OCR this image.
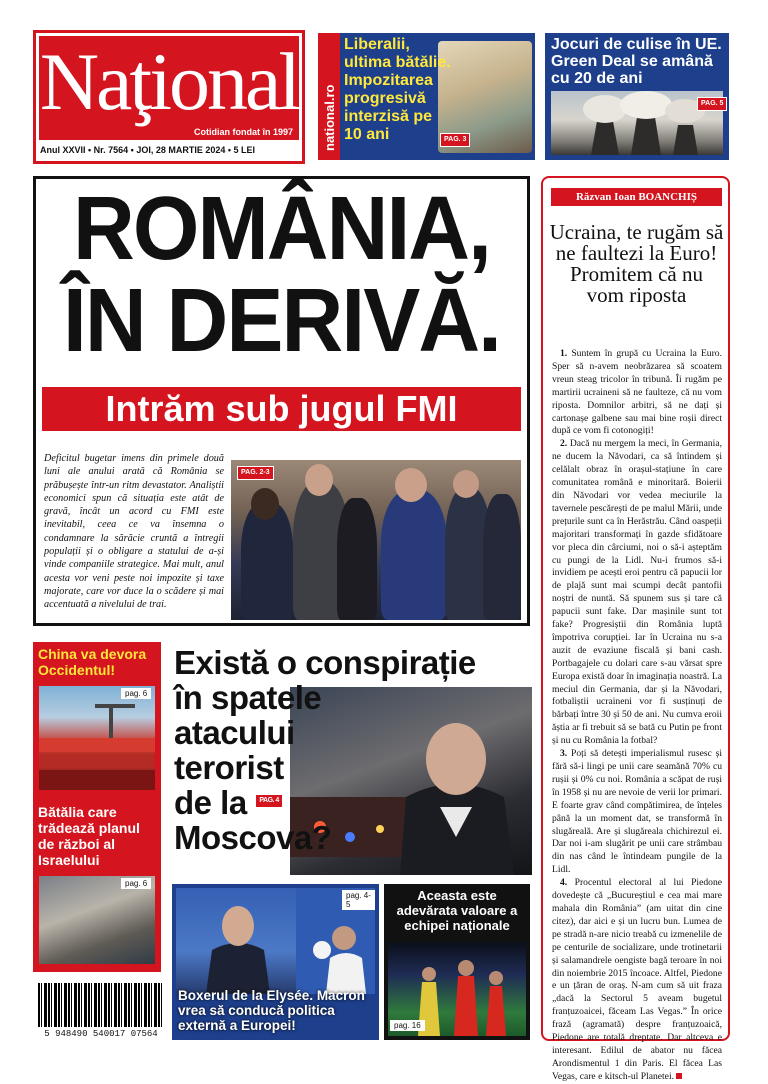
Naţional
Cotidian fondat în 1997
Anul XXVII • Nr. 7564 • JOI, 28 MARTIE 2024 • 5 LEI	national.ro
Liberalii, ultima bătălie. Impozitarea progresivă interzisă pe 10 ani	PAG. 3
Jocuri de culise în UE. Green Deal se amână cu 20 de ani
PAG. 5
ROMÂNIA,
ÎN DERIVĂ.
Intrăm sub jugul FMI
Deficitul bugetar imens din primele două luni ale anului arată că România se prăbușește într-un ritm devastator. Analiștii economici spun că situația este atât de gravă, încât un acord cu FMI este inevitabil, ceea ce va însemna o condamnare la sărăcie cruntă a întregii populații și o obligare a statului de a-și vinde companiile strategice. Mai mult, anul acesta vor veni peste noi impozite și taxe majorate, care vor duce la o scădere și mai accentuată a nivelului de trai.
PAG. 2-3
Răzvan Ioan BOANCHIȘ
Ucraina, te rugăm să ne faultezi la Euro! Promitem că nu vom riposta

1. Suntem în grupă cu Ucraina la Euro. Sper să n-avem neobrăzarea să scoatem vreun steag tricolor în tribună. Îi rugăm pe martirii ucraineni să ne faulteze, că nu vom riposta. Domnilor arbitri, să ne dați și cartonașe galbene sau mai bine roșii direct după ce vom fi cotonogiți!

2. Dacă nu mergem la meci, în Germania, ne ducem la Năvodari, ca să întindem și celălalt obraz în orașul-stațiune în care comunitatea română e minoritară. Boierii din Năvodari vor vedea meciurile la tavernele pescărești de pe malul Mării, unde prețurile sunt ca în Herăstrău. Când oaspeții majoritari transformați în gazde sfidătoare vor pleca din cârciumi, noi o să-i așteptăm cu pungi de la Lidl. Nu-i frumos să-i invidiem pe acești eroi pentru că papucii lor de plajă sunt mai scumpi decât pantofii noștri de nuntă. Să spunem sus și tare că papucii sunt fake. Dar mașinile sunt tot fake? Progresiștii din România luptă împotriva corupției. Iar în Ucraina nu s-a auzit de evaziune fiscală și bani cash. Portbagajele cu dolari care s-au vărsat spre Europa există doar în imaginația noastră. La meciul din Germania, dar și la Năvodari, fotbaliștii ucraineni vor fi susținuți de bărbați între 30 și 50 de ani. Nu cumva eroii ăștia ar fi trebuit să se bată cu Putin pe front și nu cu România la fotbal?

3. Poți să detești imperialismul rusesc și fără să-i lingi pe unii care seamănă 70% cu rușii și 0% cu noi. România a scăpat de ruși în 1958 și nu are nevoie de verii lor primari. E foarte grav când compătimirea, de înțeles până la un moment dat, se transformă în slugăreală. Are și slugăreala chichirezul ei. Dar noi i-am slugărit pe unii care strâmbau din nas când le întindeam pungile de la Lidl.

4. Procentul electoral al lui Piedone dovedește că „Bucureștiul e cea mai mare mahala din România” (am uitat din cine citez), dar aici e și un lucru bun. Lumea de pe stradă n-are nicio treabă cu izmenelile de pe centurile de socializare, unde trotinetarii și salamandrele oengiste bagă teroare în noi din noiembrie 2015 încoace. Altfel, Piedone e un țăran de oraș. N-am cum să uit fraza „dacă la Sectorul 5 aveam bugetul franțuzoaicei, făceam Las Vegas.” În orice frază (agramată) despre franțuzoaică, Piedone are totală dreptate. Dar altceva e interesant. Edilul de abator nu făcea Arondismentul 1 din Paris. El făcea Las Vegas, care e kitsch-ul Planetei.

China va devora Occidentul!
pag. 6
Bătălia care trădează planul de război al Israelului
pag. 6
Există o conspirație
în spatele
atacului
terorist
de la PAG. 4
Moscova?
pag. 4-5
Boxerul de la Elysée. Macron vrea să conducă politica externă a Europei!
Aceasta este adevărata valoare a echipei naționale
pag. 16
5 948490 540017 07564
